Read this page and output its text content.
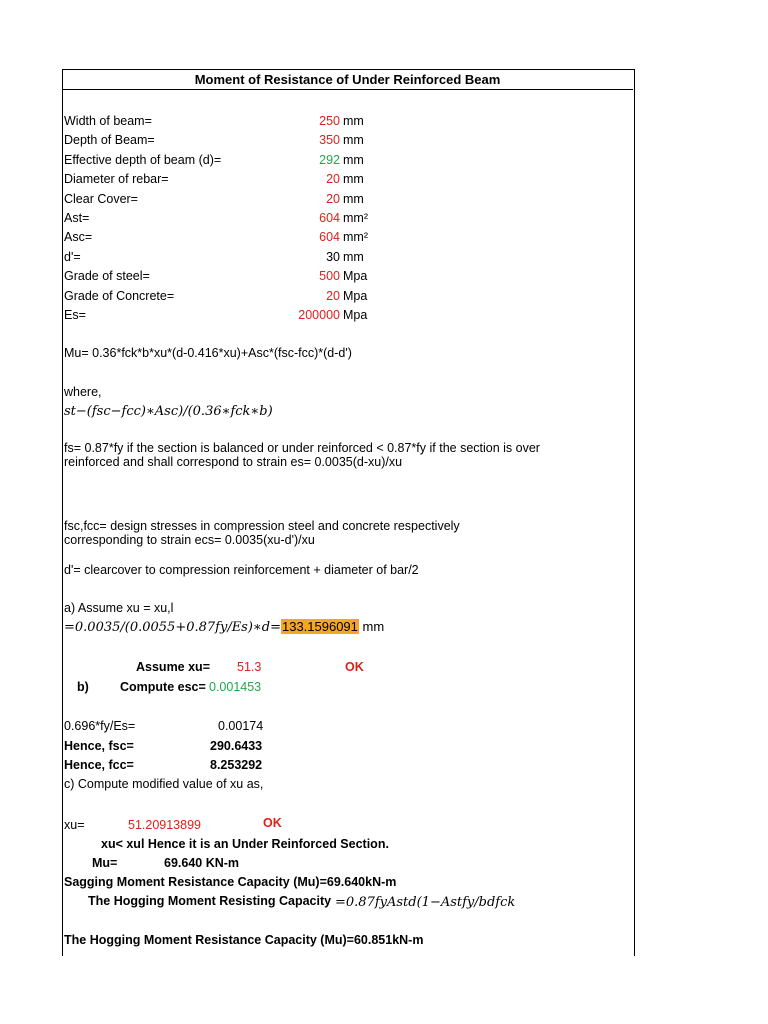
Moment of Resistance of Under Reinforced Beam
Width of beam=	250 mm
Depth of Beam=	350 mm
Effective depth of beam (d)=	292 mm
Diameter of rebar=	20 mm
Clear Cover=	20 mm
Ast=	604 mm²
Asc=	604 mm²
d'=	30 mm
Grade of steel=	500 Mpa
Grade of Concrete=	20 Mpa
Es=	200000 Mpa
Mu= 0.36*fck*b*xu*(d-0.416*xu)+Asc*(fsc-fcc)*(d-d')
where,
st−(fsc−fcc)∗Asc)/(0.36∗fck∗b)
fs= 0.87*fy if the section is balanced or under reinforced < 0.87*fy if the section is over
reinforced and shall correspond to strain es= 0.0035(d-xu)/xu
fsc,fcc= design stresses in compression steel and concrete respectively
corresponding to strain ecs= 0.0035(xu-d')/xu
d'= clearcover to compression reinforcement + diameter of bar/2
a) Assume xu = xu,l
=0.0035/(0.0055+0.87𝑓𝑦/𝐸𝑠)∗𝑑=133.1596091 mm
Assume xu= 51.3	OK
b) Compute esc= 0.001453
0.696*fy/Es=	0.00174
Hence, fsc=	290.6433
Hence, fcc=	8.253292
c) Compute modified value of xu as,
xu=	51.20913899	OK
xu< xul Hence it is an Under Reinforced Section.
Mu=	69.640 KN-m
Sagging Moment Resistance Capacity (Mu)=69.640kN-m
The Hogging Moment Resisting Capacity =0.87𝑓𝑦𝐴𝑠𝑡𝑑(1−𝐴𝑠𝑡𝑓𝑦/𝑏𝑑𝑓𝑐𝑘
The Hogging Moment Resistance Capacity (Mu)=60.851kN-m
